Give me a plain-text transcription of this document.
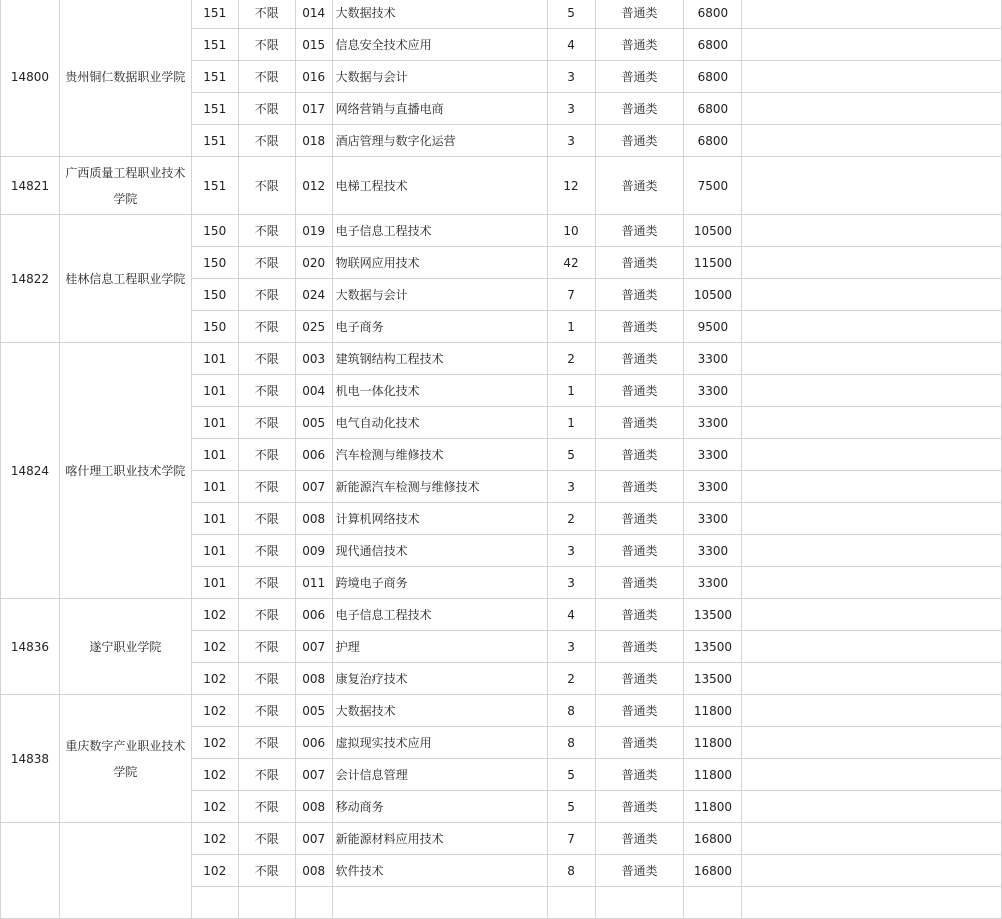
14800	贵州铜仁数据职业学院	151	不限	014	大数据技术	5	普通类	6800	
		151	不限	015	信息安全技术应用	4	普通类	6800	
		151	不限	016	大数据与会计	3	普通类	6800	
		151	不限	017	网络营销与直播电商	3	普通类	6800	
		151	不限	018	酒店管理与数字化运营	3	普通类	6800	
14821	广西质量工程职业技术学院	151	不限	012	电梯工程技术	12	普通类	7500	
14822	桂林信息工程职业学院	150	不限	019	电子信息工程技术	10	普通类	10500	
		150	不限	020	物联网应用技术	42	普通类	11500	
		150	不限	024	大数据与会计	7	普通类	10500	
		150	不限	025	电子商务	1	普通类	9500	
14824	喀什理工职业技术学院	101	不限	003	建筑钢结构工程技术	2	普通类	3300	
		101	不限	004	机电一体化技术	1	普通类	3300	
		101	不限	005	电气自动化技术	1	普通类	3300	
		101	不限	006	汽车检测与维修技术	5	普通类	3300	
		101	不限	007	新能源汽车检测与维修技术	3	普通类	3300	
		101	不限	008	计算机网络技术	2	普通类	3300	
		101	不限	009	现代通信技术	3	普通类	3300	
		101	不限	011	跨境电子商务	3	普通类	3300	
14836	遂宁职业学院	102	不限	006	电子信息工程技术	4	普通类	13500	
		102	不限	007	护理	3	普通类	13500	
		102	不限	008	康复治疗技术	2	普通类	13500	
14838	重庆数字产业职业技术学院	102	不限	005	大数据技术	8	普通类	11800	
		102	不限	006	虚拟现实技术应用	8	普通类	11800	
		102	不限	007	会计信息管理	5	普通类	11800	
		102	不限	008	移动商务	5	普通类	11800	
		102	不限	007	新能源材料应用技术	7	普通类	16800	
		102	不限	008	软件技术	8	普通类	16800	
